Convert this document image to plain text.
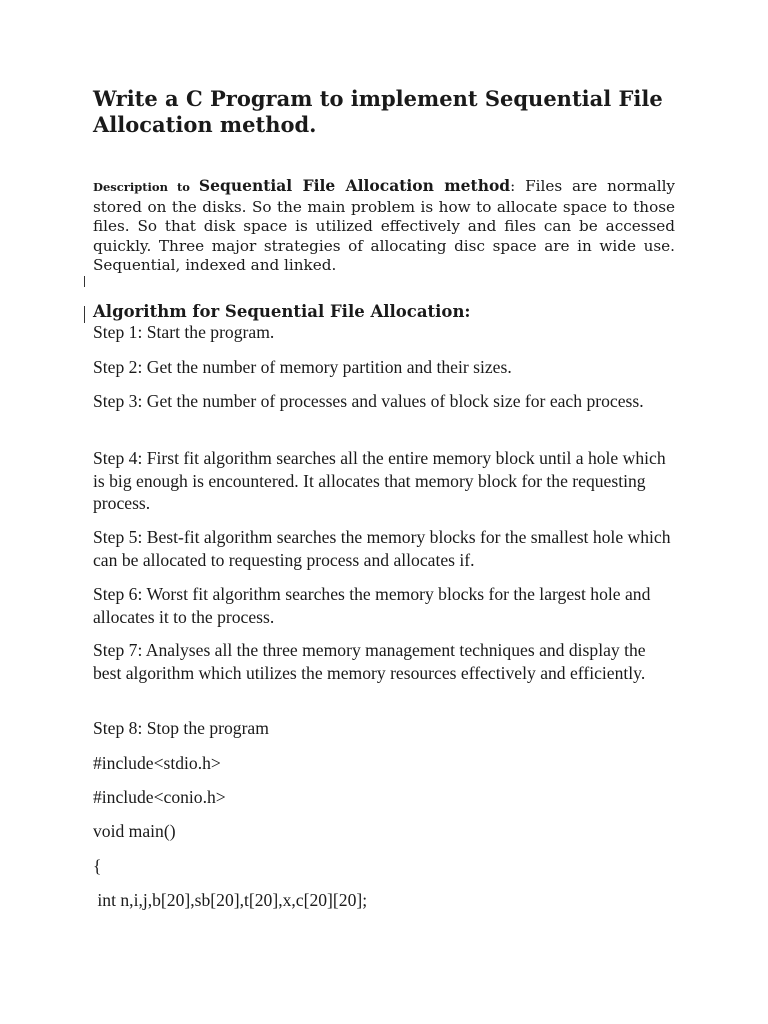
Write a C Program to implement Sequential File Allocation method.

Description to Sequential File Allocation method: Files are normally stored on the disks. So the main problem is how to allocate space to those files. So that disk space is utilized effectively and files can be accessed quickly. Three major strategies of allocating disc space are in wide use. Sequential, indexed and linked.

Algorithm for Sequential File Allocation:

Step 1: Start the program.

Step 2: Get the number of memory partition and their sizes.

Step 3: Get the number of processes and values of block size for each process.

Step 4: First fit algorithm searches all the entire memory block until a hole which is big enough is encountered. It allocates that memory block for the requesting process.

Step 5: Best-fit algorithm searches the memory blocks for the smallest hole which can be allocated to requesting process and allocates if.

Step 6: Worst fit algorithm searches the memory blocks for the largest hole and allocates it to the process.

Step 7: Analyses all the three memory management techniques and display the best algorithm which utilizes the memory resources effectively and efficiently.

Step 8: Stop the program

#include<stdio.h>

#include<conio.h>

void main()

{

int n,i,j,b[20],sb[20],t[20],x,c[20][20];
